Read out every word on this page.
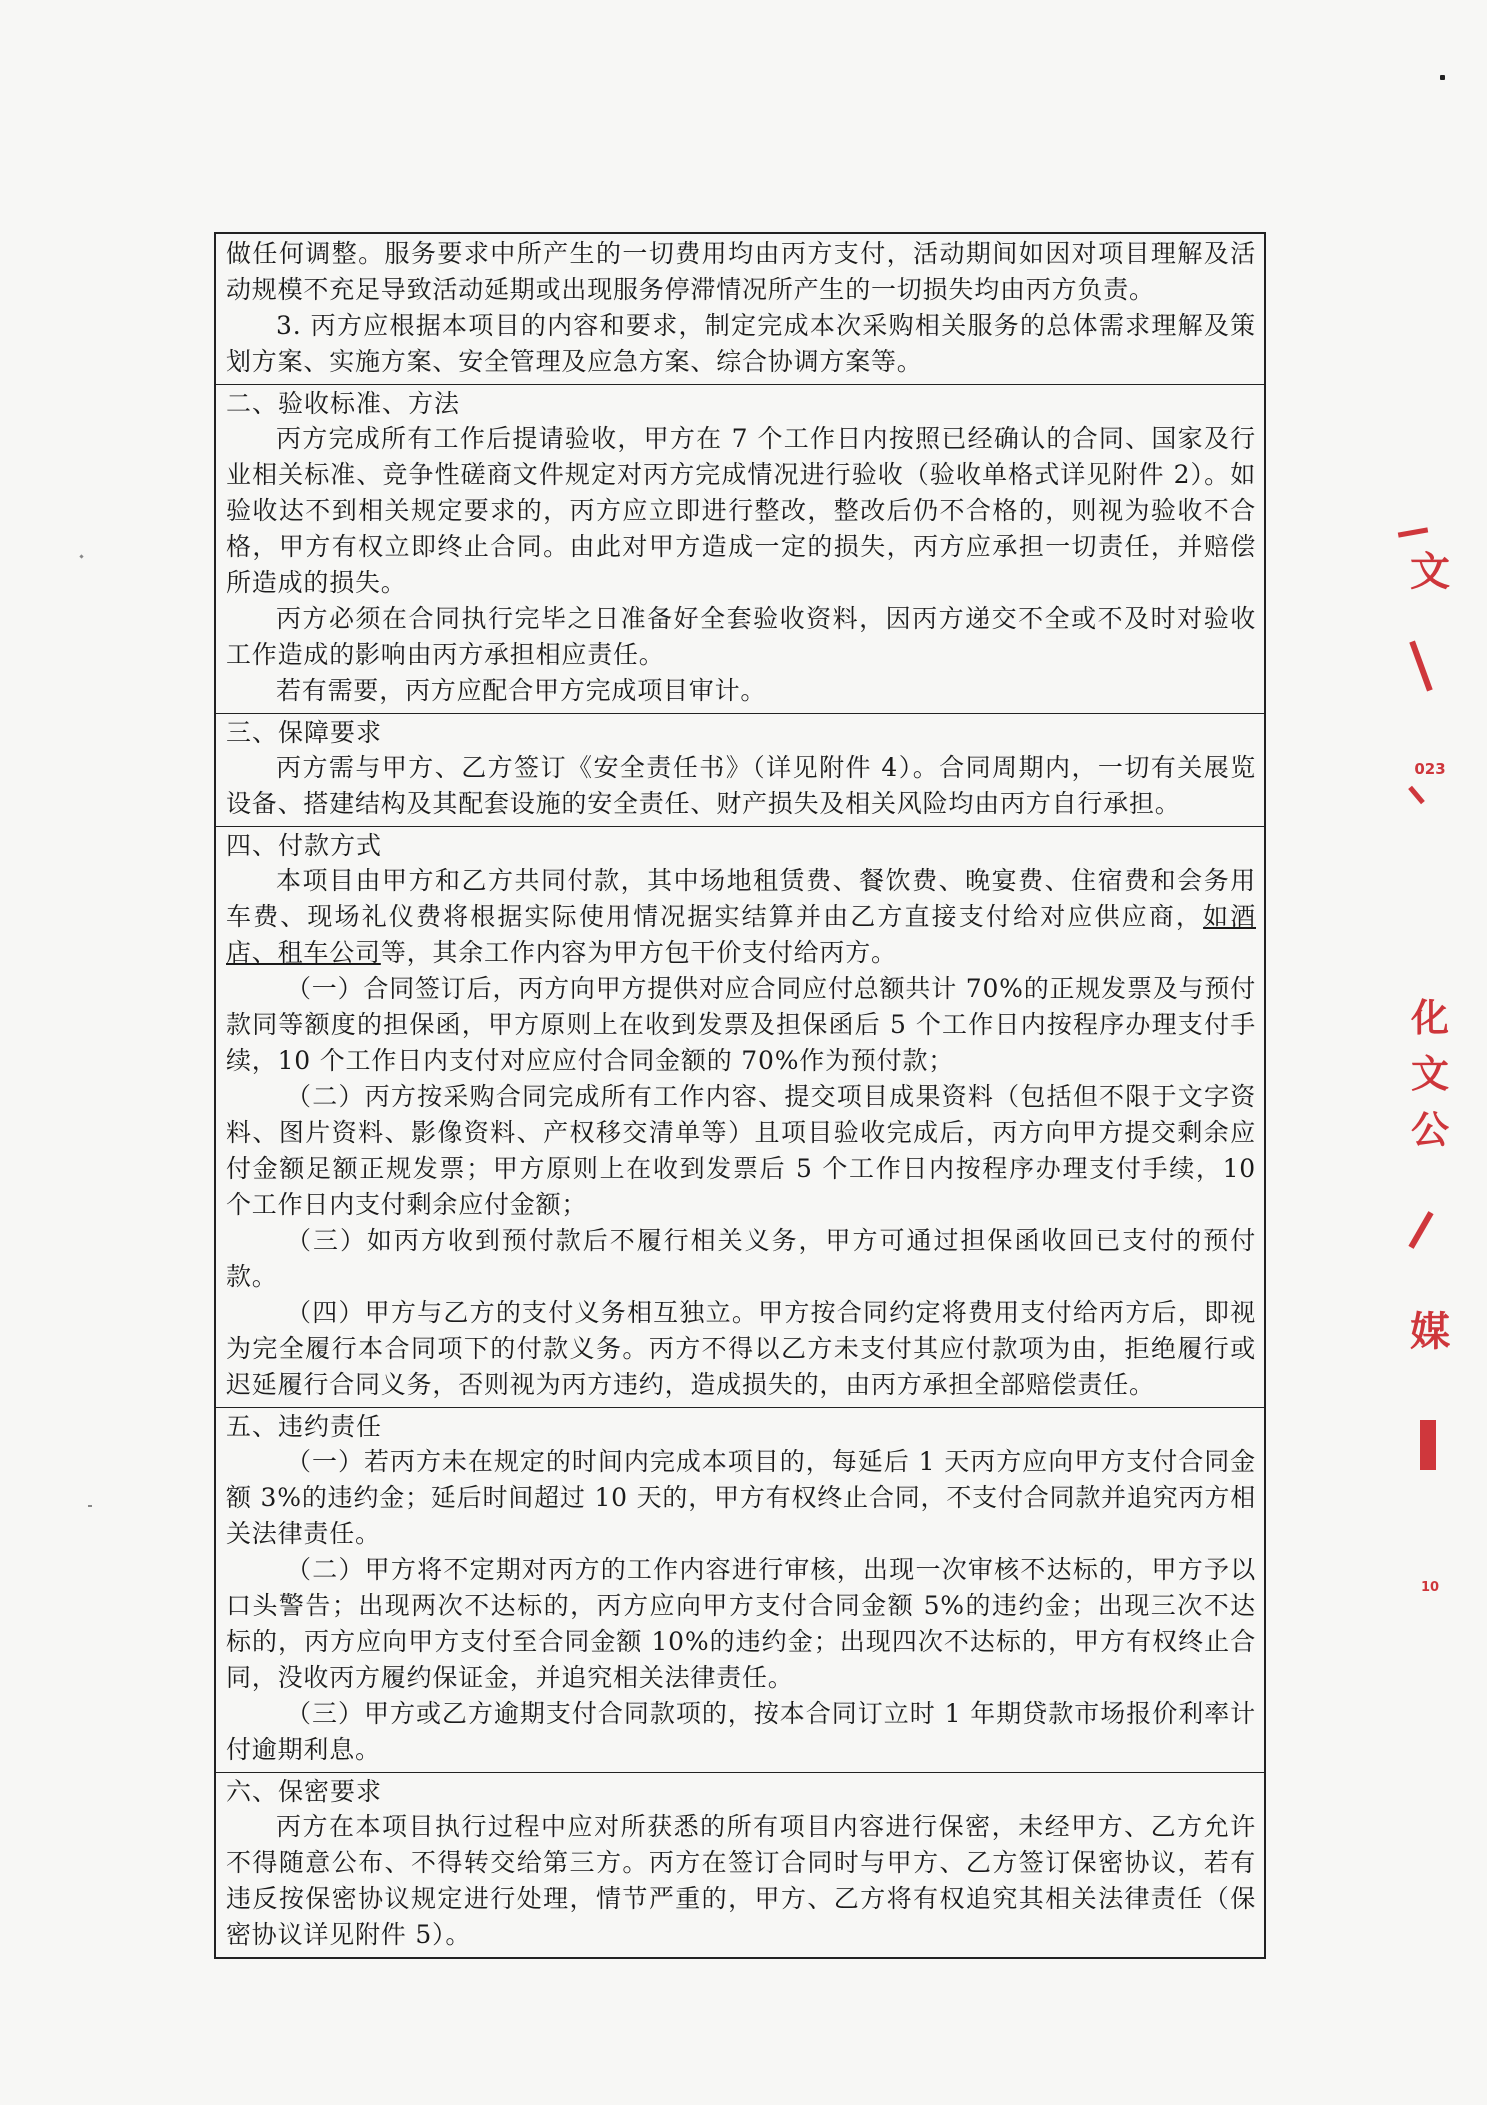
做任何调整。服务要求中所产生的一切费用均由丙方支付，活动期间如因对项目理解及活动规模不充足导致活动延期或出现服务停滞情况所产生的一切损失均由丙方负责。

3. 丙方应根据本项目的内容和要求，制定完成本次采购相关服务的总体需求理解及策划方案、实施方案、安全管理及应急方案、综合协调方案等。

二、验收标准、方法

丙方完成所有工作后提请验收，甲方在 7 个工作日内按照已经确认的合同、国家及行业相关标准、竞争性磋商文件规定对丙方完成情况进行验收（验收单格式详见附件 2）。如验收达不到相关规定要求的，丙方应立即进行整改，整改后仍不合格的，则视为验收不合格，甲方有权立即终止合同。由此对甲方造成一定的损失，丙方应承担一切责任，并赔偿所造成的损失。

丙方必须在合同执行完毕之日准备好全套验收资料，因丙方递交不全或不及时对验收工作造成的影响由丙方承担相应责任。

若有需要，丙方应配合甲方完成项目审计。

三、保障要求

丙方需与甲方、乙方签订《安全责任书》（详见附件 4）。合同周期内，一切有关展览设备、搭建结构及其配套设施的安全责任、财产损失及相关风险均由丙方自行承担。

四、付款方式

本项目由甲方和乙方共同付款，其中场地租赁费、餐饮费、晚宴费、住宿费和会务用车费、现场礼仪费将根据实际使用情况据实结算并由乙方直接支付给对应供应商，如酒店、租车公司等，其余工作内容为甲方包干价支付给丙方。

（一）合同签订后，丙方向甲方提供对应合同应付总额共计 70%的正规发票及与预付款同等额度的担保函，甲方原则上在收到发票及担保函后 5 个工作日内按程序办理支付手续，10 个工作日内支付对应应付合同金额的 70%作为预付款；

（二）丙方按采购合同完成所有工作内容、提交项目成果资料（包括但不限于文字资料、图片资料、影像资料、产权移交清单等）且项目验收完成后，丙方向甲方提交剩余应付金额足额正规发票；甲方原则上在收到发票后 5 个工作日内按程序办理支付手续，10 个工作日内支付剩余应付金额；

（三）如丙方收到预付款后不履行相关义务，甲方可通过担保函收回已支付的预付款。

（四）甲方与乙方的支付义务相互独立。甲方按合同约定将费用支付给丙方后，即视为完全履行本合同项下的付款义务。丙方不得以乙方未支付其应付款项为由，拒绝履行或迟延履行合同义务，否则视为丙方违约，造成损失的，由丙方承担全部赔偿责任。

五、违约责任

（一）若丙方未在规定的时间内完成本项目的，每延后 1 天丙方应向甲方支付合同金额 3%的违约金；延后时间超过 10 天的，甲方有权终止合同，不支付合同款并追究丙方相关法律责任。

（二）甲方将不定期对丙方的工作内容进行审核，出现一次审核不达标的，甲方予以口头警告；出现两次不达标的，丙方应向甲方支付合同金额 5%的违约金；出现三次不达标的，丙方应向甲方支付至合同金额 10%的违约金；出现四次不达标的，甲方有权终止合同，没收丙方履约保证金，并追究相关法律责任。

（三）甲方或乙方逾期支付合同款项的，按本合同订立时 1 年期贷款市场报价利率计付逾期利息。

六、保密要求

丙方在本项目执行过程中应对所获悉的所有项目内容进行保密，未经甲方、乙方允许不得随意公布、不得转交给第三方。丙方在签订合同时与甲方、乙方签订保密协议，若有违反按保密协议规定进行处理，情节严重的，甲方、乙方将有权追究其相关法律责任（保密协议详见附件 5）。

文
023
化文公
媒
10
